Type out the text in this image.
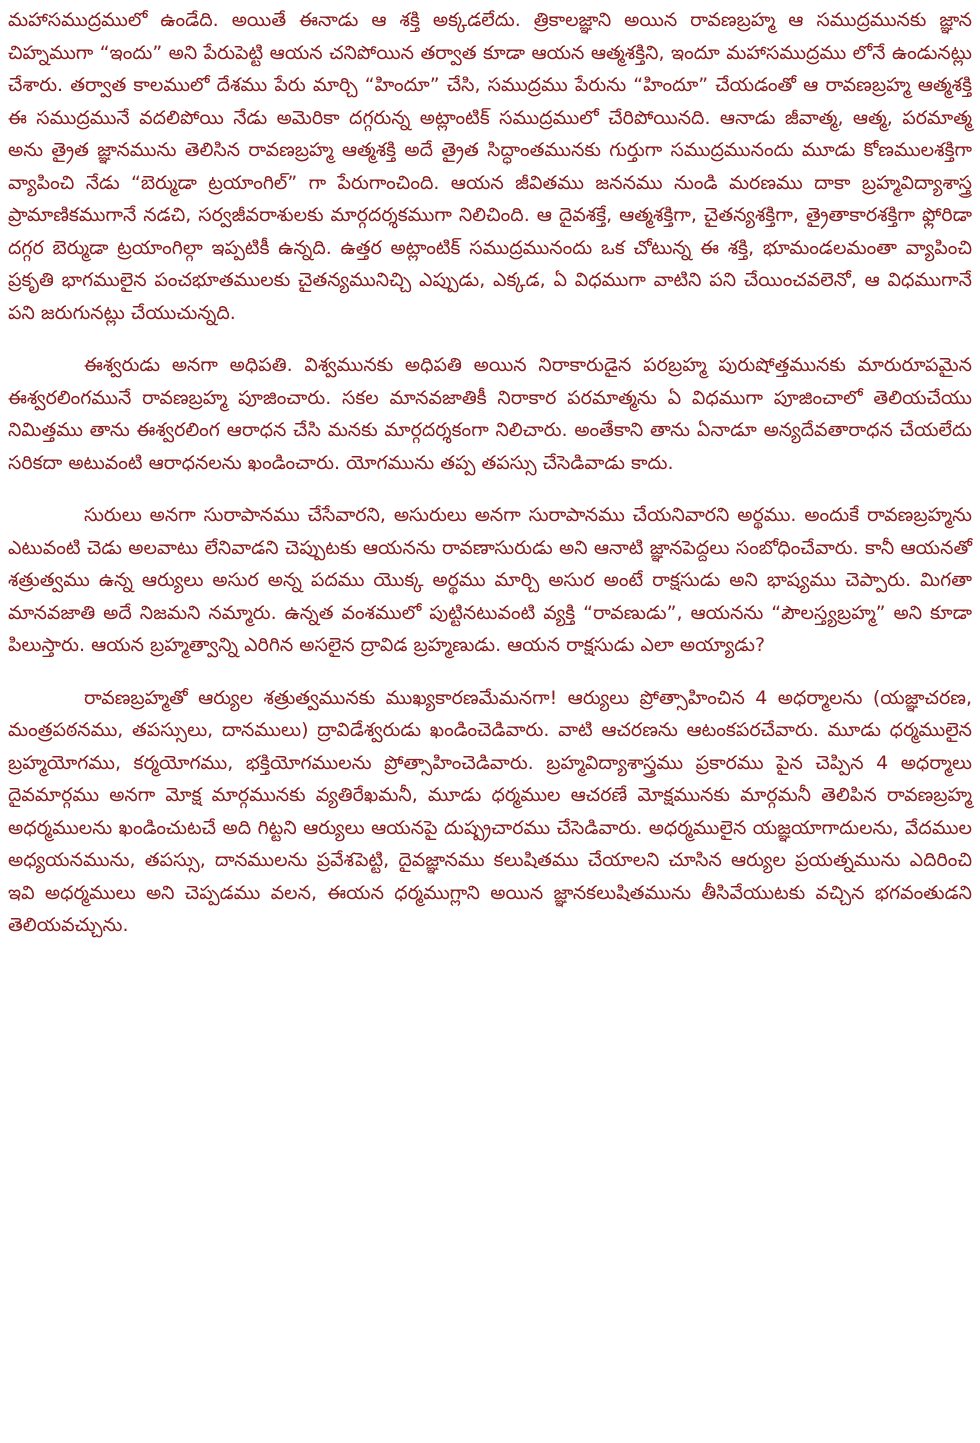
మహాసముద్రములో ఉండేది. అయితే ఈనాడు ఆ శక్తి అక్కడలేదు. త్రికాలజ్ఞాని అయిన రావణబ్రహ్మ ఆ సముద్రమునకు జ్ఞాన చిహ్నముగా “ఇందు” అని పేరుపెట్టి ఆయన చనిపోయిన తర్వాత కూడా ఆయన ఆత్మశక్తిని, ఇందూ మహాసముద్రము లోనే ఉండునట్లు చేశారు. తర్వాత కాలములో దేశము పేరు మార్చి “హిందూ” చేసి, సముద్రము పేరును “హిందూ” చేయడంతో ఆ రావణబ్రహ్మ ఆత్మశక్తి ఈ సముద్రమునే వదలిపోయి నేడు అమెరికా దగ్గరున్న అట్లాంటిక్ సముద్రములో చేరిపోయినది. ఆనాడు జీవాత్మ, ఆత్మ, పరమాత్మ అను త్రైత జ్ఞానమును తెలిసిన రావణబ్రహ్మ ఆత్మశక్తి అదే త్రైత సిద్ధాంతమునకు గుర్తుగా సముద్రమునందు మూడు కోణములశక్తిగా వ్యాపించి నేడు “బెర్ముడా ట్రయాంగిల్” గా పేరుగాంచింది. ఆయన జీవితము జననము నుండి మరణము దాకా బ్రహ్మవిద్యాశాస్త్ర ప్రామాణికముగానే నడచి, సర్వజీవరాశులకు మార్గదర్శకముగా నిలిచింది. ఆ దైవశక్తే, ఆత్మశక్తిగా, చైతన్యశక్తిగా, త్రైతాకారశక్తిగా ఫ్లోరిడా దగ్గర బెర్ముడా ట్రయాంగిల్గా ఇప్పటికీ ఉన్నది. ఉత్తర అట్లాంటిక్ సముద్రమునందు ఒక చోటున్న ఈ శక్తి, భూమండలమంతా వ్యాపించి ప్రకృతి భాగములైన పంచభూతములకు చైతన్యమునిచ్చి ఎప్పుడు, ఎక్కడ, ఏ విధముగా వాటిని పని చేయించవలెనో, ఆ విధముగానే పని జరుగునట్లు చేయుచున్నది.

ఈశ్వరుడు అనగా అధిపతి. విశ్వమునకు అధిపతి అయిన నిరాకారుడైన పరబ్రహ్మ పురుషోత్తమునకు మారురూపమైన ఈశ్వరలింగమునే రావణబ్రహ్మ పూజించారు. సకల మానవజాతికీ నిరాకార పరమాత్మను ఏ విధముగా పూజించాలో తెలియచేయు నిమిత్తము తాను ఈశ్వరలింగ ఆరాధన చేసి మనకు మార్గదర్శకంగా నిలిచారు. అంతేకాని తాను ఏనాడూ అన్యదేవతారాధన చేయలేదు సరికదా అటువంటి ఆరాధనలను ఖండించారు. యోగమును తప్ప తపస్సు చేసెడివాడు కాదు.

సురులు అనగా సురాపానము చేసేవారని, అసురులు అనగా సురాపానము చేయనివారని అర్థము. అందుకే రావణబ్రహ్మను ఎటువంటి చెడు అలవాటు లేనివాడని చెప్పుటకు ఆయనను రావణాసురుడు అని ఆనాటి జ్ఞానపెద్దలు సంబోధించేవారు. కానీ ఆయనతో శత్రుత్వము ఉన్న ఆర్యులు అసుర అన్న పదము యొక్క అర్థము మార్చి అసుర అంటే రాక్షసుడు అని భాష్యము చెప్పారు. మిగతా మానవజాతి అదే నిజమని నమ్మారు. ఉన్నత వంశములో పుట్టినటువంటి వ్యక్తి “రావణుడు”, ఆయనను “పౌలస్త్యబ్రహ్మ” అని కూడా పిలుస్తారు. ఆయన బ్రహ్మత్వాన్ని ఎరిగిన అసలైన ద్రావిడ బ్రహ్మణుడు. ఆయన రాక్షసుడు ఎలా అయ్యాడు?

రావణబ్రహ్మతో ఆర్యుల శత్రుత్వమునకు ముఖ్యకారణమేమనగా! ఆర్యులు ప్రోత్సాహించిన 4 అధర్మాలను (యజ్ఞాచరణ, మంత్రపఠనము, తపస్సులు, దానములు) ద్రావిడేశ్వరుడు ఖండించెడివారు. వాటి ఆచరణను ఆటంకపరచేవారు. మూడు ధర్మములైన బ్రహ్మయోగము, కర్మయోగము, భక్తియోగములను ప్రోత్సాహించెడివారు. బ్రహ్మవిద్యాశాస్త్రము ప్రకారము పైన చెప్పిన 4 అధర్మాలు దైవమార్గము అనగా మోక్ష మార్గమునకు వ్యతిరేఖమనీ, మూడు ధర్మముల ఆచరణే మోక్షమునకు మార్గమనీ తెలిపిన రావణబ్రహ్మ అధర్మములను ఖండించుటచే అది గిట్టని ఆర్యులు ఆయనపై దుష్ప్రచారము చేసెడివారు. అధర్మములైన యజ్ఞయాగాదులను, వేదముల అధ్యయనమును, తపస్సు, దానములను ప్రవేశపెట్టి, దైవజ్ఞానము కలుషితము చేయాలని చూసిన ఆర్యుల ప్రయత్నమును ఎదిరించి ఇవి అధర్మములు అని చెప్పడము వలన, ఈయన ధర్మముగ్లాని అయిన జ్ఞానకలుషితమును తీసివేయుటకు వచ్చిన భగవంతుడని తెలియవచ్చును.
